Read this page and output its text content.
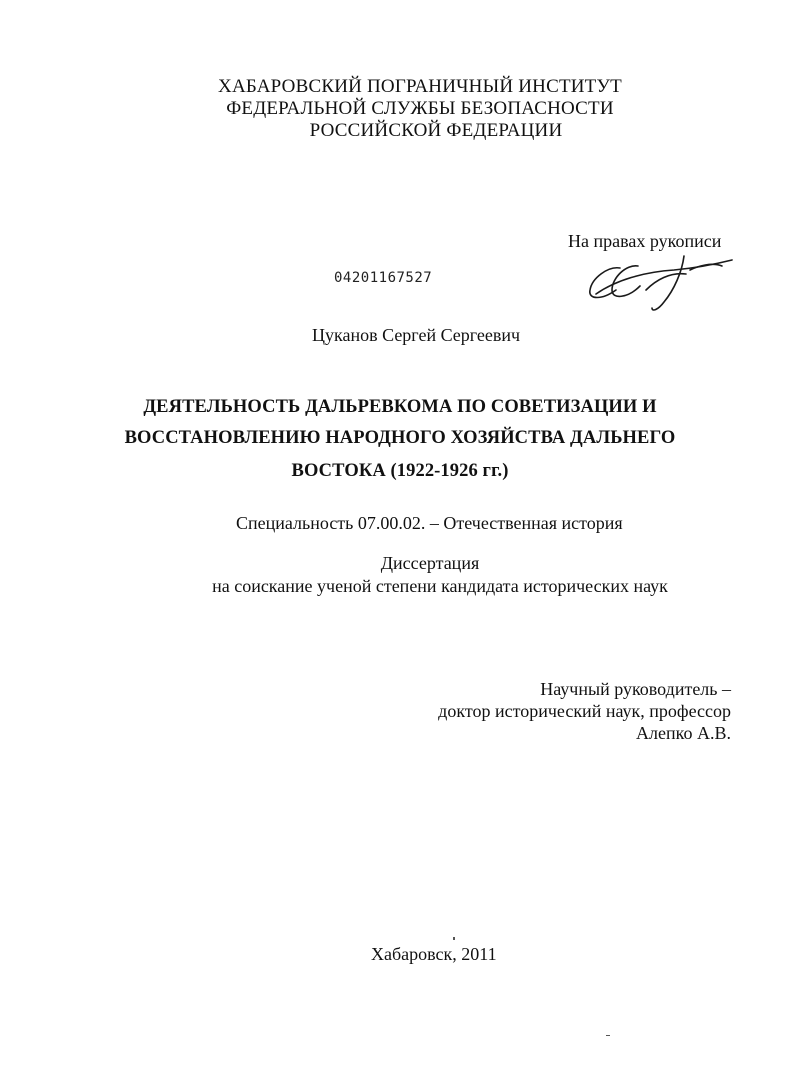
ХАБАРОВСКИЙ ПОГРАНИЧНЫЙ ИНСТИТУТ
ФЕДЕРАЛЬНОЙ СЛУЖБЫ БЕЗОПАСНОСТИ
РОССИЙСКОЙ ФЕДЕРАЦИИ
На правах рукописи
04201167527
Цуканов Сергей Сергеевич
ДЕЯТЕЛЬНОСТЬ ДАЛЬРЕВКОМА ПО СОВЕТИЗАЦИИ И
ВОССТАНОВЛЕНИЮ НАРОДНОГО ХОЗЯЙСТВА ДАЛЬНЕГО
ВОСТОКА (1922-1926 гг.)
Специальность 07.00.02. – Отечественная история
Диссертация
на соискание ученой степени кандидата исторических наук
Научный руководитель –
доктор исторический наук, профессор
Алепко А.В.
Хабаровск, 2011
